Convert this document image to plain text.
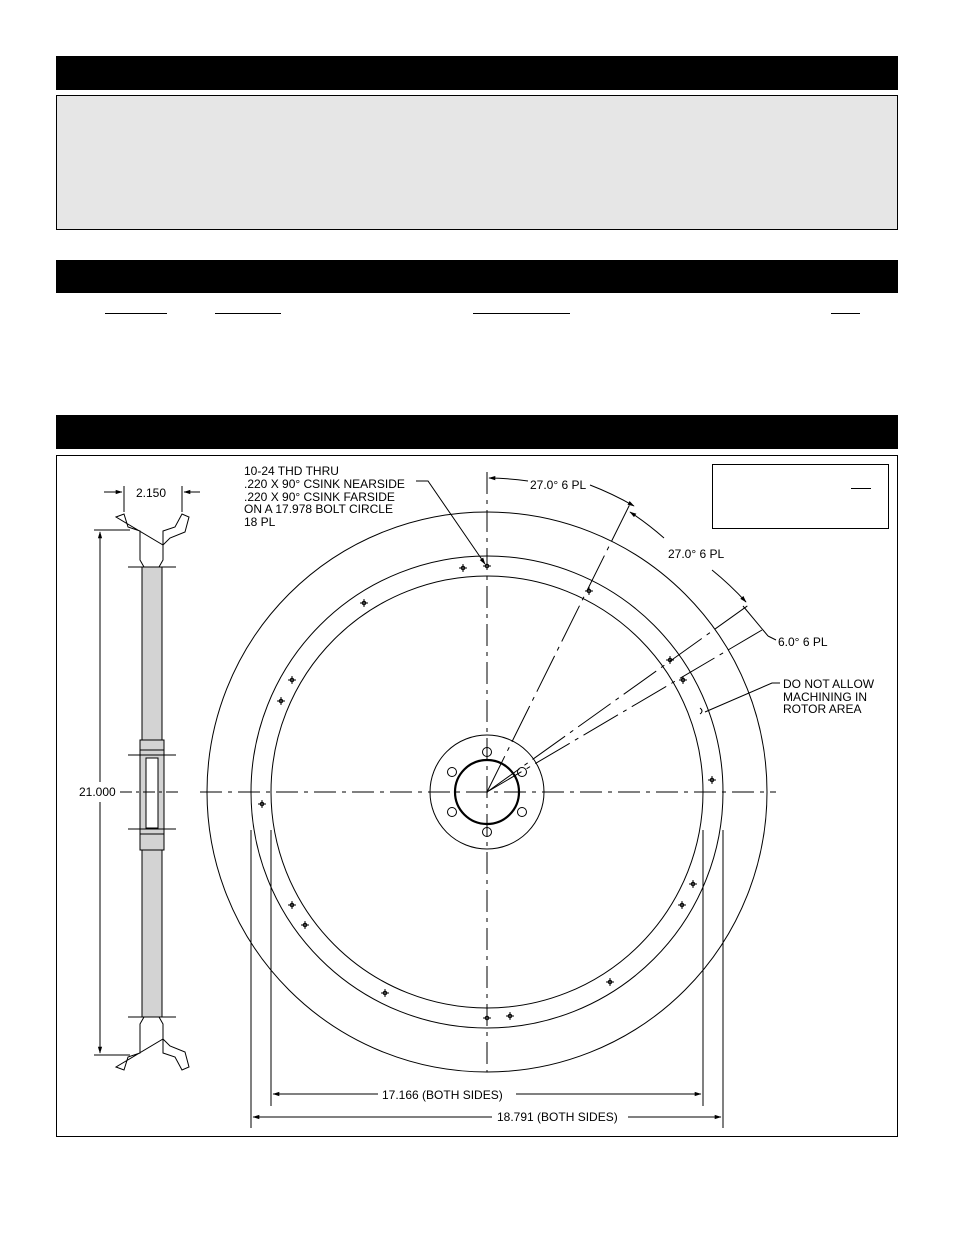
2.150
21.000
27.0° 6 PL
27.0° 6 PL
6.0° 6 PL
10-24 THD THRU
.220 X 90° CSINK NEARSIDE
.220 X 90° CSINK FARSIDE
ON A 17.978 BOLT CIRCLE
18 PL
DO NOT ALLOW
MACHINING IN
ROTOR AREA
17.166 (BOTH SIDES)
18.791 (BOTH SIDES)
